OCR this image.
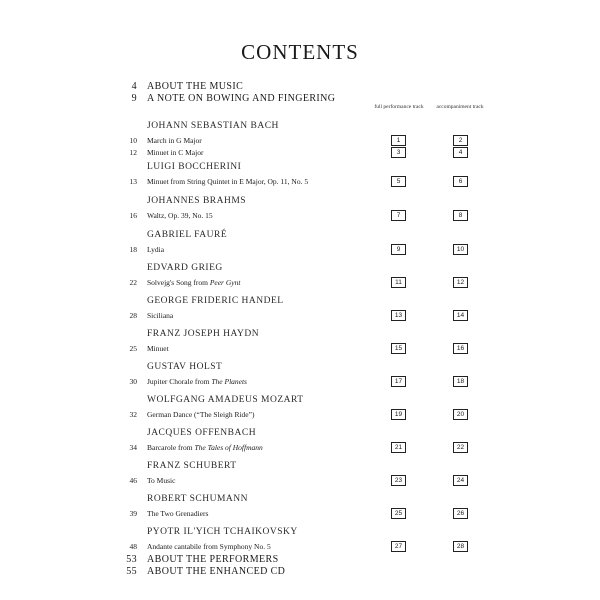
CONTENTS
4 ABOUT THE MUSIC
9 A NOTE ON BOWING AND FINGERING
full performance track	accompaniment track
JOHANN SEBASTIAN BACH
10 March in G Major	1	2
12 Minuet in C Major	3	4
LUIGI BOCCHERINI
13 Minuet from String Quintet in E Major, Op. 11, No. 5	5	6
JOHANNES BRAHMS
16 Waltz, Op. 39, No. 15	7	8
GABRIEL FAURÉ
18 Lydia	9	10
EDVARD GRIEG
22 Solvejg's Song from Peer Gynt	11	12
GEORGE FRIDERIC HANDEL
28 Siciliana	13	14
FRANZ JOSEPH HAYDN
25 Minuet	15	16
GUSTAV HOLST
30 Jupiter Chorale from The Planets	17	18
WOLFGANG AMADEUS MOZART
32 German Dance (“The Sleigh Ride”)	19	20
JACQUES OFFENBACH
34 Barcarole from The Tales of Hoffmann	21	22
FRANZ SCHUBERT
46 To Music	23	24
ROBERT SCHUMANN
39 The Two Grenadiers	25	26
PYOTR IL'YICH TCHAIKOVSKY
48 Andante cantabile from Symphony No. 5	27	28
53 ABOUT THE PERFORMERS
55 ABOUT THE ENHANCED CD
